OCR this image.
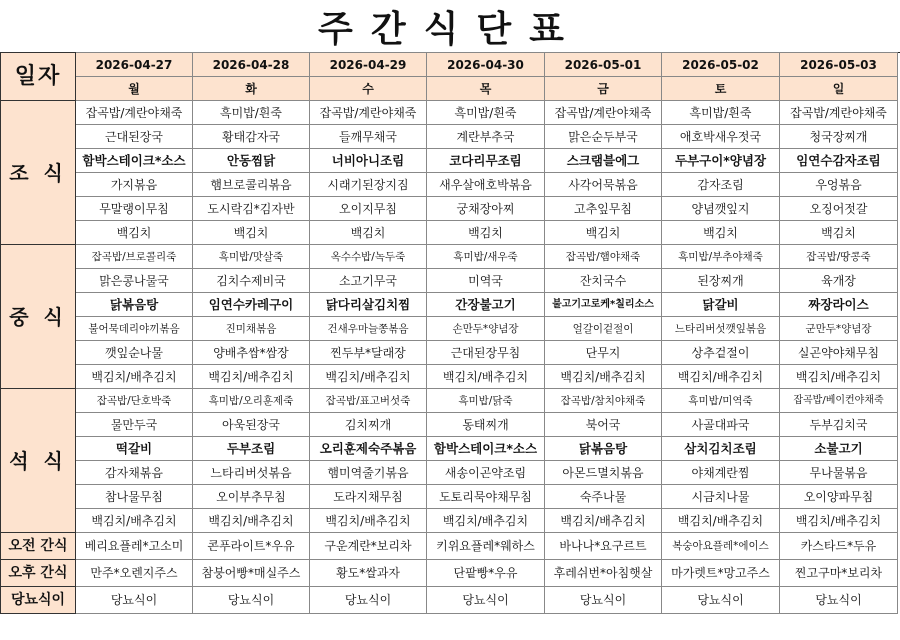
주간식단표
일자	2026-04-27	2026-04-28	2026-04-29	2026-04-30	2026-05-01	2026-05-02	2026-05-03
	월	화	수	목	금	토	일
조 식	잡곡밥/계란야채죽	흑미밥/흰죽	잡곡밥/계란야채죽	흑미밥/흰죽	잡곡밥/계란야채죽	흑미밥/흰죽	잡곡밥/계란야채죽
	근대된장국	황태감자국	들깨무채국	계란부추국	맑은순두부국	애호박새우젓국	청국장찌개
	함박스테이크*소스	안동찜닭	너비아니조림	코다리무조림	스크램블에그	두부구이*양념장	임연수감자조림
	가지볶음	햄브로콜리볶음	시래기된장지짐	새우살애호박볶음	사각어묵볶음	감자조림	우엉볶음
	무말랭이무침	도시락김*김자반	오이지무침	궁채장아찌	고추잎무침	양념깻잎지	오징어젓갈
	백김치	백김치	백김치	백김치	백김치	백김치	백김치
중 식	잡곡밥/브로콜리죽	흑미밥/맛살죽	옥수수밥/녹두죽	흑미밥/새우죽	잡곡밥/햄야채죽	흑미밥/부추야채죽	잡곡밥/땅콩죽
	맑은콩나물국	김치수제비국	소고기무국	미역국	잔치국수	된장찌개	육개장
	닭볶음탕	임연수카레구이	닭다리살김치찜	간장불고기	불고기고로케*칠리소스	닭갈비	짜장라이스
	불어묵데리야끼볶음	진미채볶음	건새우마늘쫑볶음	손만두*양념장	얼갈이겉절이	느타리버섯깻잎볶음	군만두*양념장
	깻잎순나물	양배추쌈*쌈장	찐두부*달래장	근대된장무침	단무지	상추겉절이	실곤약야채무침
	백김치/배추김치	백김치/배추김치	백김치/배추김치	백김치/배추김치	백김치/배추김치	백김치/배추김치	백김치/배추김치
석 식	잡곡밥/단호박죽	흑미밥/오리훈제죽	잡곡밥/표고버섯죽	흑미밥/닭죽	잡곡밥/참치야채죽	흑미밥/미역죽	잡곡밥/베이컨야채죽
	물만두국	아욱된장국	김치찌개	동태찌개	북어국	사골대파국	두부김치국
	떡갈비	두부조림	오리훈제숙주볶음	함박스테이크*소스	닭볶음탕	삼치김치조림	소불고기
	감자채볶음	느타리버섯볶음	햄미역줄기볶음	새송이곤약조림	아몬드멸치볶음	야채계란찜	무나물볶음
	참나물무침	오이부추무침	도라지채무침	도토리묵야채무침	숙주나물	시금치나물	오이양파무침
	백김치/배추김치	백김치/배추김치	백김치/배추김치	백김치/배추김치	백김치/배추김치	백김치/배추김치	백김치/배추김치
오전 간식	베리요플레*고소미	콘푸라이트*우유	구운계란*보리차	키위요플레*웨하스	바나나*요구르트	복숭아요플레*에이스	카스타드*두유
오후 간식	만주*오렌지주스	참붕어빵*매실주스	황도*쌀과자	단팥빵*우유	후레쉬번*아침햇살	마가렛트*망고주스	찐고구마*보리차
당뇨식이	당뇨식이	당뇨식이	당뇨식이	당뇨식이	당뇨식이	당뇨식이	당뇨식이
